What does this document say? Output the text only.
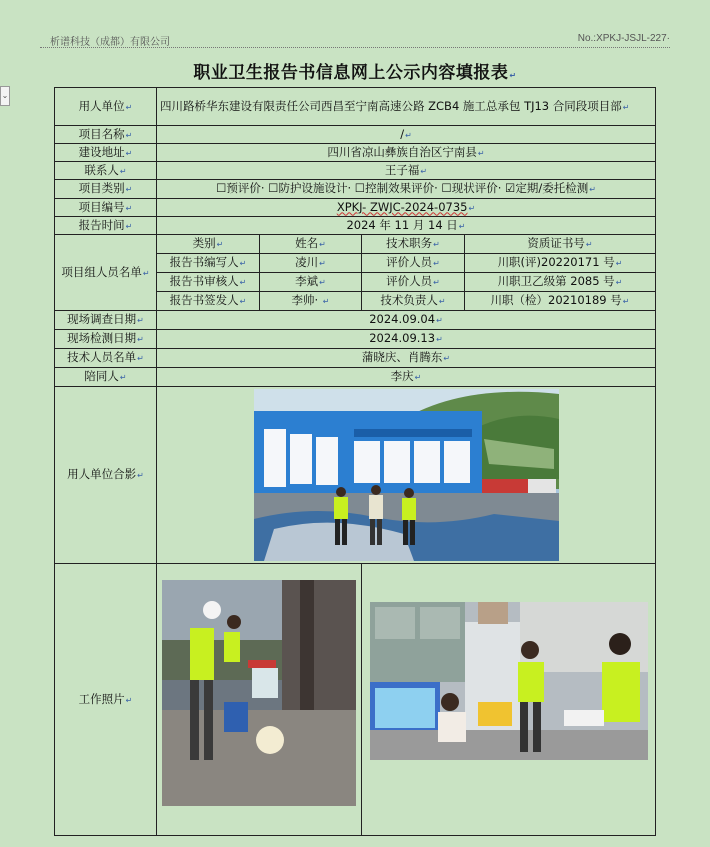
析谱科技（成都）有限公司	No.:XPKJ-JSJL-227·
⌄
职业卫生报告书信息网上公示内容填报表↵
用人单位↵	四川路桥华东建设有限责任公司西昌至宁南高速公路 ZCB4 施工总承包 TJ13 合同段项目部↵			
项目名称↵	/↵			
建设地址↵	四川省凉山彝族自治区宁南县↵			
联系人↵	王子福↵			
项目类别↵	☐预评价· ☐防护设施设计· ☐控制效果评价· ☐现状评价· ☑定期/委托检测↵			
项目编号↵	XPKJ- ZWJC-2024-0735↵			
报告时间↵	2024 年 11 月 14 日↵			
项目组人员名单↵	类别↵	姓名↵	技术职务↵	资质证书号↵
	报告书编写人↵	凌川↵	评价人员↵	川职(评)20220171 号↵
	报告书审核人↵	李斌↵	评价人员↵	川职卫乙级第 2085 号↵
	报告书签发人↵	李帅· ↵	技术负责人↵	川职（检）20210189 号↵
现场调查日期↵	2024.09.04↵			
现场检测日期↵	2024.09.13↵			
技术人员名单↵	蒲晓庆、肖腾东↵			
陪同人↵	李庆↵			
用人单位合影↵	

工作照片↵	
